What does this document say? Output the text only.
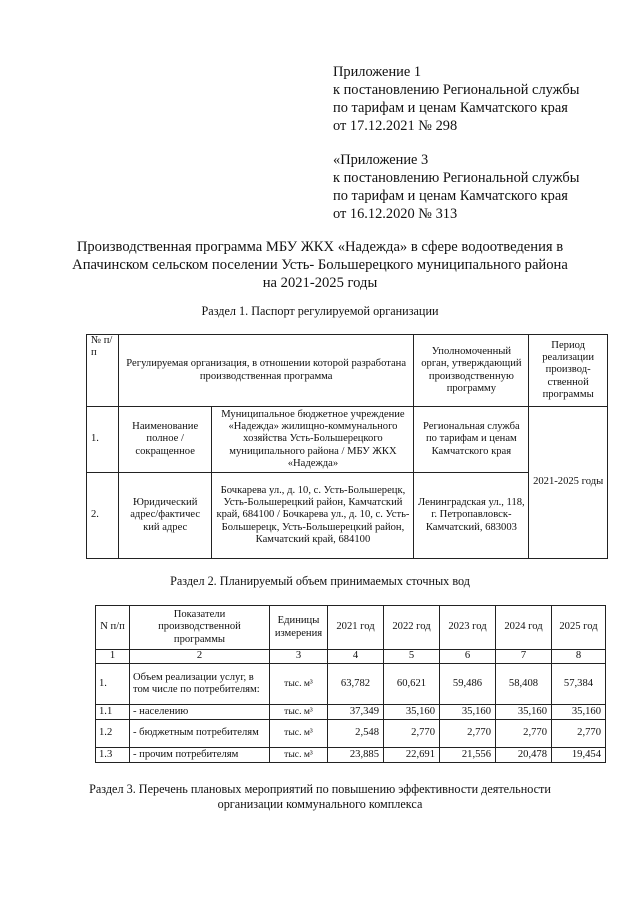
Приложение 1
к постановлению Региональной службы
по тарифам и ценам Камчатского края
от 17.12.2021 № 298
«Приложение 3
к постановлению Региональной службы
по тарифам и ценам Камчатского края
от 16.12.2020 № 313
Производственная программа МБУ ЖКХ «Надежда» в сфере водоотведения в
Апачинском сельском поселении Усть- Большерецкого муниципального района
на 2021-2025 годы
Раздел 1. Паспорт регулируемой организации
№ п/п	Регулируемая организация, в отношении которой разработана производственная программа		Уполномоченный орган, утверждающий производственную программу	Период реализации производ-ственной программы
1.	Наименование полное / сокращенное	Муниципальное бюджетное учреждение «Надежда» жилищно-коммунального хозяйства Усть-Большерецкого муниципального района / МБУ ЖКХ «Надежда»	Региональная служба по тарифам и ценам Камчатского края	2021-2025 годы
2.	Юридический адрес/фактичес кий адрес	Бочкарева ул., д. 10, с. Усть-Большерецк, Усть-Большерецкий район, Камчатский край, 684100 / Бочкарева ул., д. 10, с. Усть-Большерецк, Усть-Большерецкий район, Камчатский край, 684100	Ленинградская ул., 118, г. Петропавловск-Камчатский, 683003	
Раздел 2. Планируемый объем принимаемых сточных вод
N п/п	Показатели производственной программы	Единицы измерения	2021 год	2022 год	2023 год	2024 год	2025 год
1	2	3	4	5	6	7	8
1.	Объем реализации услуг, в том числе по потребителям:	тыс. м³	63,782	60,621	59,486	58,408	57,384
1.1	- населению	тыс. м³	37,349	35,160	35,160	35,160	35,160
1.2	- бюджетным потребителям	тыс. м³	2,548	2,770	2,770	2,770	2,770
1.3	- прочим потребителям	тыс. м³	23,885	22,691	21,556	20,478	19,454
Раздел 3. Перечень плановых мероприятий по повышению эффективности деятельности организации коммунального комплекса
